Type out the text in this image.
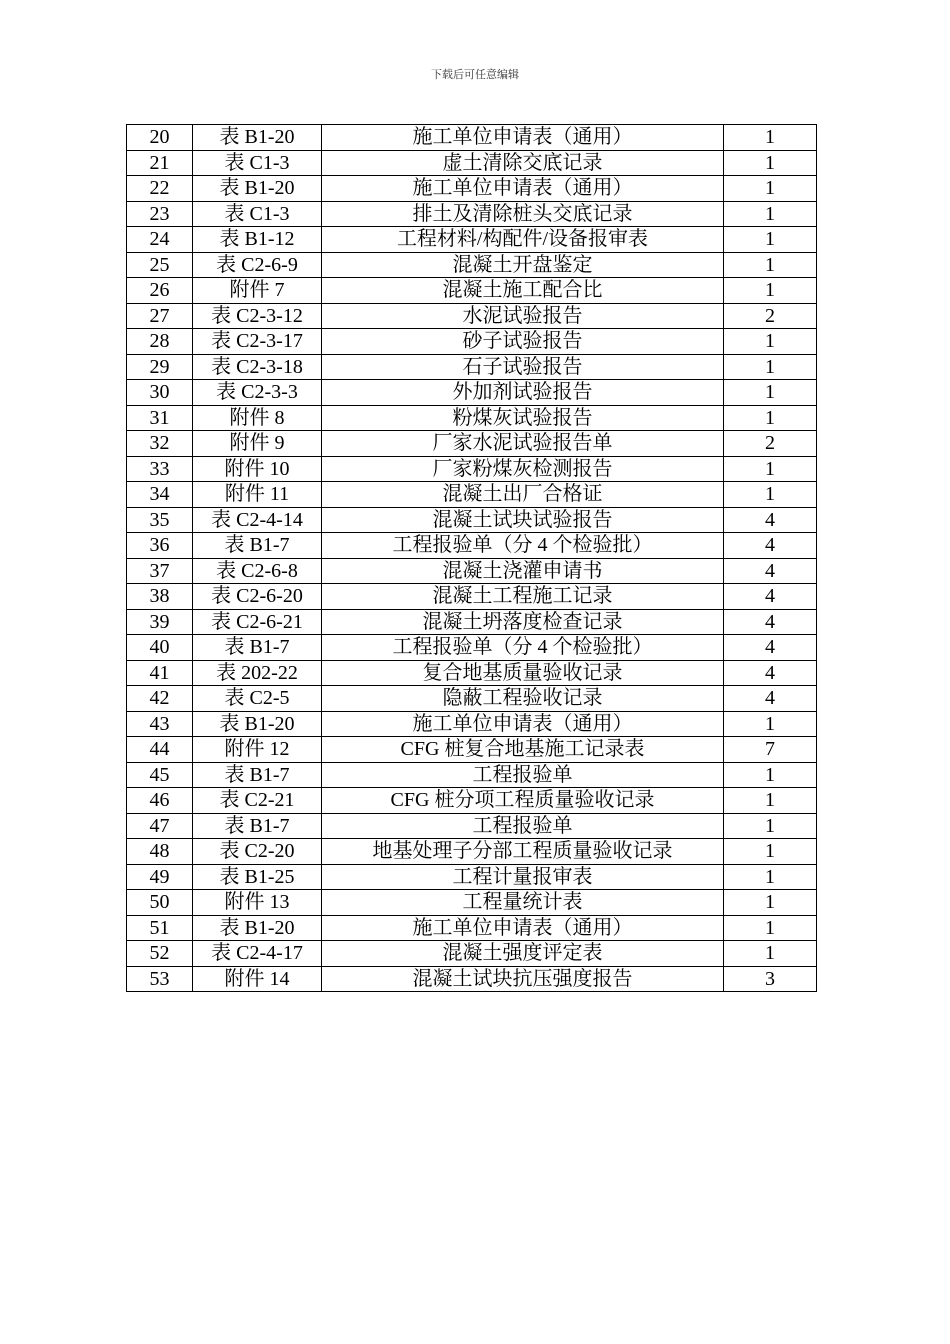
下载后可任意编辑
20	表 B1-20	施工单位申请表（通用）	1
21	表 C1-3	虚土清除交底记录	1
22	表 B1-20	施工单位申请表（通用）	1
23	表 C1-3	排土及清除桩头交底记录	1
24	表 B1-12	工程材料/构配件/设备报审表	1
25	表 C2-6-9	混凝土开盘鉴定	1
26	附件 7	混凝土施工配合比	1
27	表 C2-3-12	水泥试验报告	2
28	表 C2-3-17	砂子试验报告	1
29	表 C2-3-18	石子试验报告	1
30	表 C2-3-3	外加剂试验报告	1
31	附件 8	粉煤灰试验报告	1
32	附件 9	厂家水泥试验报告单	2
33	附件 10	厂家粉煤灰检测报告	1
34	附件 11	混凝土出厂合格证	1
35	表 C2-4-14	混凝土试块试验报告	4
36	表 B1-7	工程报验单（分 4 个检验批）	4
37	表 C2-6-8	混凝土浇灌申请书	4
38	表 C2-6-20	混凝土工程施工记录	4
39	表 C2-6-21	混凝土坍落度检查记录	4
40	表 B1-7	工程报验单（分 4 个检验批）	4
41	表 202-22	复合地基质量验收记录	4
42	表 C2-5	隐蔽工程验收记录	4
43	表 B1-20	施工单位申请表（通用）	1
44	附件 12	CFG 桩复合地基施工记录表	7
45	表 B1-7	工程报验单	1
46	表 C2-21	CFG 桩分项工程质量验收记录	1
47	表 B1-7	工程报验单	1
48	表 C2-20	地基处理子分部工程质量验收记录	1
49	表 B1-25	工程计量报审表	1
50	附件 13	工程量统计表	1
51	表 B1-20	施工单位申请表（通用）	1
52	表 C2-4-17	混凝土强度评定表	1
53	附件 14	混凝土试块抗压强度报告	3
